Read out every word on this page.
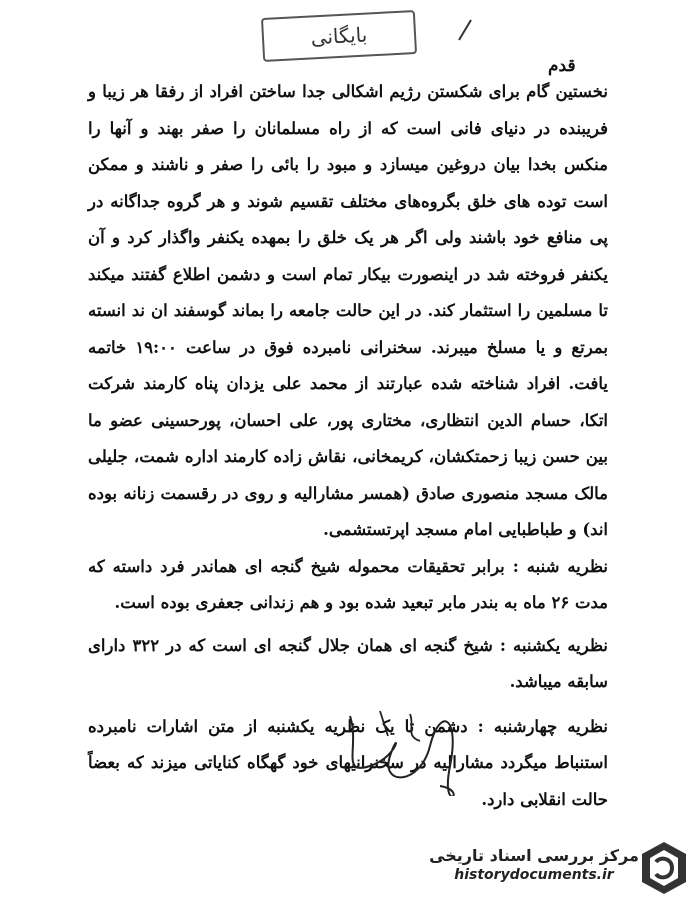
بایگانی
قدم

نخستین گام برای شکستن رژیم اشکالی جدا ساختن افراد از رفقا هر زیبا و فریبنده در دنیای فانی است که از راه مسلمانان را صفر بهند و آنها را منکس بخدا بیان دروغین میسازد و مبود را بائی را صفر و ناشند و ممکن است توده های خلق بگروه‌های مختلف تقسیم شوند و هر گروه جداگانه در پی منافع خود باشند ولی اگر هر یک خلق را بمهده یکنفر واگذار کرد و آن یکنفر فروخته شد در اینصورت بیکار تمام است و دشمن اطلاع گفتند میکند تا مسلمین را استثمار کند. در این حالت جامعه را بماند گوسفند ان ند انسته بمرتع و یا مسلخ میبرند. سخنرانی نامبرده فوق در ساعت ۱۹:۰۰ خاتمه یافت. افراد شناخته شده عبارتند از محمد علی یزدان پناه کارمند شرکت اتکا، حسام الدین انتظاری، مختاری پور، علی احسان، پورحسینی عضو ما بین حسن زیبا زحمتکشان، کریمخانی، نقاش زاده کارمند اداره شمت، جلیلی مالک مسجد منصوری صادق (همسر مشارالیه و روی در رقسمت زنانه بوده اند) و طباطبایی امام مسجد اپرتستشمی.

نظریه شنبه : برابر تحقیقات محموله شیخ گنجه ای هماندر فرد داسته که مدت ۲۶ ماه به بندر مابر تبعید شده بود و هم زندانی جعفری بوده است.

نظریه یکشنبه : شیخ گنجه ای همان جلال گنجه ای است که در ۳۲۲ دارای سابقه میباشد.

نظریه چهارشنبه : دشمن تا یک نظریه یکشنبه از متن اشارات نامبرده استنباط میگردد مشارالیه در سخنرانیهای خود گهگاه کنایاتی میزند که بعضاً حالت انقلابی دارد.

مرکز بررسی اسناد تاریخی
historydocuments.ir
